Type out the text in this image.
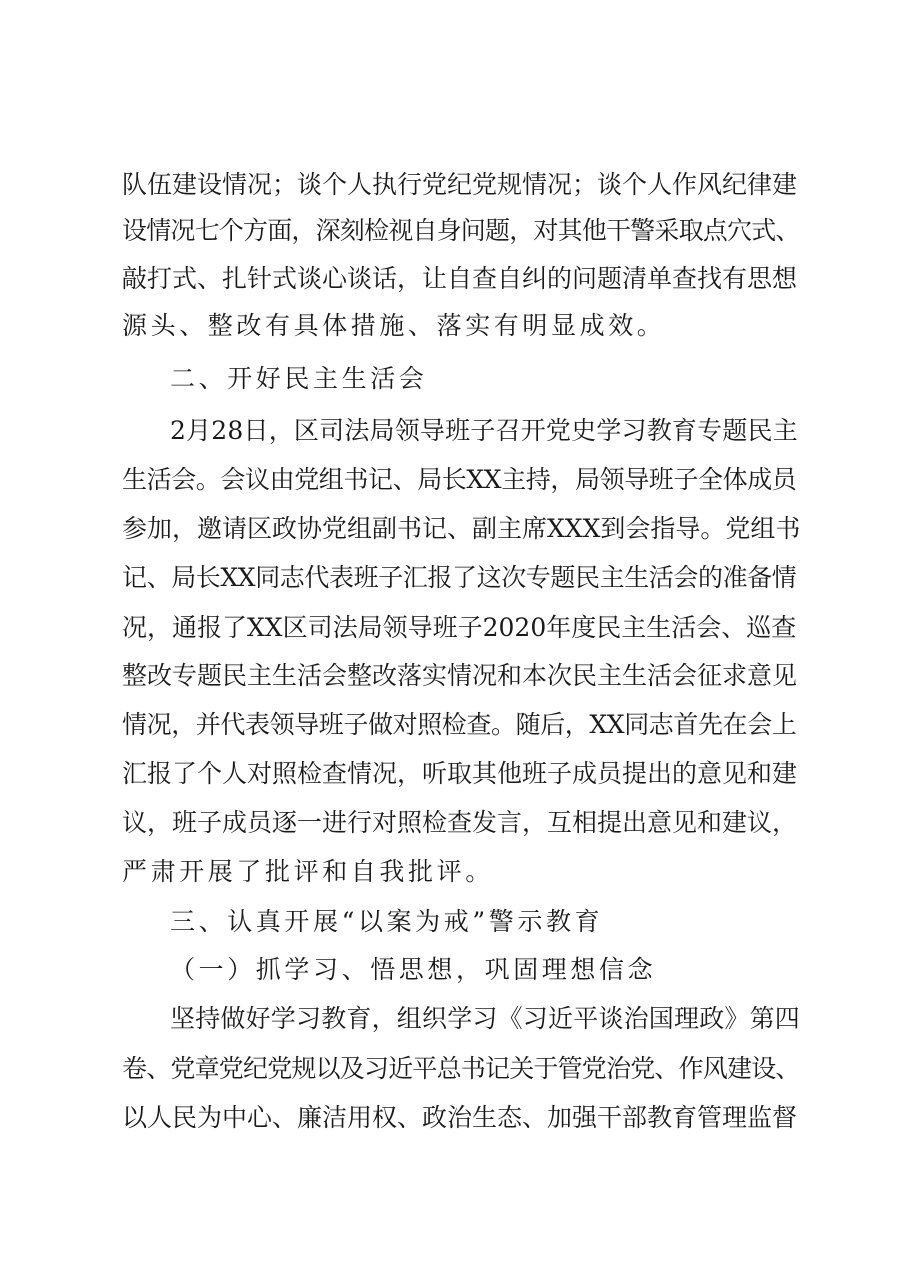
队伍建设情况；谈个人执行党纪党规情况；谈个人作风纪律建
设情况七个方面，深刻检视自身问题，对其他干警采取点穴式、
敲打式、扎针式谈心谈话，让自查自纠的问题清单查找有思想
源头、整改有具体措施、落实有明显成效。
二、开好民主生活会
2月28日，区司法局领导班子召开党史学习教育专题民主
生活会。会议由党组书记、局长XX主持，局领导班子全体成员
参加，邀请区政协党组副书记、副主席XXX到会指导。党组书
记、局长XX同志代表班子汇报了这次专题民主生活会的准备情
况，通报了XX区司法局领导班子2020年度民主生活会、巡查
整改专题民主生活会整改落实情况和本次民主生活会征求意见
情况，并代表领导班子做对照检查。随后，XX同志首先在会上
汇报了个人对照检查情况，听取其他班子成员提出的意见和建
议，班子成员逐一进行对照检查发言，互相提出意见和建议，
严肃开展了批评和自我批评。
三、认真开展“以案为戒”警示教育
（一）抓学习、悟思想，巩固理想信念
坚持做好学习教育，组织学习《习近平谈治国理政》第四
卷、党章党纪党规以及习近平总书记关于管党治党、作风建设、
以人民为中心、廉洁用权、政治生态、加强干部教育管理监督
